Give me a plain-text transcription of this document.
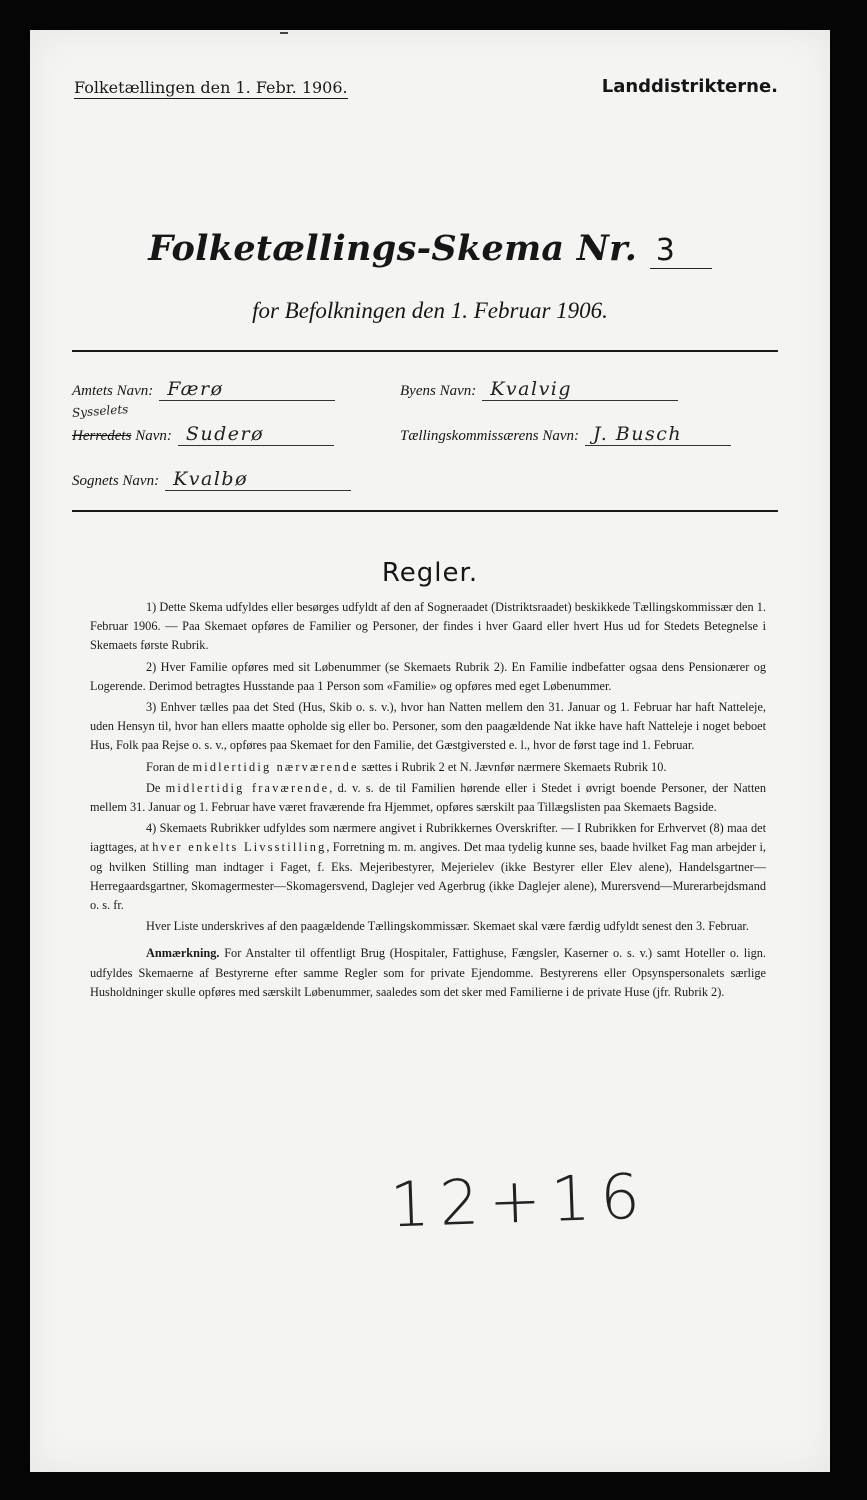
Folketællingen den 1. Febr. 1906.	Landdistrikterne.
Folketællings-Skema Nr. 3
for Befolkningen den 1. Februar 1906.
Amtets Navn: Færø	Byens Navn: Kvalvig
Sysselets
Herredets Navn: Suderø	Tællingskommissærens Navn: J. Busch
Sognets Navn: Kvalbø
Regler.

1) Dette Skema udfyldes eller besørges udfyldt af den af Sogneraadet (Distriktsraadet) beskikkede Tællingskommissær den 1. Februar 1906. — Paa Skemaet opføres de Familier og Personer, der findes i hver Gaard eller hvert Hus ud for Stedets Betegnelse i Skemaets første Rubrik.

2) Hver Familie opføres med sit Løbenummer (se Skemaets Rubrik 2). En Familie indbefatter ogsaa dens Pensionærer og Logerende. Derimod betragtes Husstande paa 1 Person som «Familie» og opføres med eget Løbenummer.

3) Enhver tælles paa det Sted (Hus, Skib o. s. v.), hvor han Natten mellem den 31. Januar og 1. Februar har haft Natteleje, uden Hensyn til, hvor han ellers maatte opholde sig eller bo. Personer, som den paagældende Nat ikke have haft Natteleje i noget beboet Hus, Folk paa Rejse o. s. v., opføres paa Skemaet for den Familie, det Gæstgiversted e. l., hvor de først tage ind 1. Februar.

Foran de midlertidig nærværende sættes i Rubrik 2 et N. Jævnfør nærmere Skemaets Rubrik 10.

De midlertidig fraværende, d. v. s. de til Familien hørende eller i Stedet i øvrigt boende Personer, der Natten mellem 31. Januar og 1. Februar have været fraværende fra Hjemmet, opføres særskilt paa Tillægslisten paa Skemaets Bagside.

4) Skemaets Rubrikker udfyldes som nærmere angivet i Rubrikkernes Overskrifter. — I Rubrikken for Erhvervet (8) maa det iagttages, at hver enkelts Livsstilling, Forretning m. m. angives. Det maa tydelig kunne ses, baade hvilket Fag man arbejder i, og hvilken Stilling man indtager i Faget, f. Eks. Mejeribestyrer, Mejerielev (ikke Bestyrer eller Elev alene), Handelsgartner—Herregaardsgartner, Skomagermester—Skomagersvend, Daglejer ved Agerbrug (ikke Daglejer alene), Murersvend—Murerarbejdsmand o. s. fr.

Hver Liste underskrives af den paagældende Tællingskommissær. Skemaet skal være færdig udfyldt senest den 3. Februar.

Anmærkning. For Anstalter til offentligt Brug (Hospitaler, Fattighuse, Fængsler, Kaserner o. s. v.) samt Hoteller o. lign. udfyldes Skemaerne af Bestyrerne efter samme Regler som for private Ejendomme. Bestyrerens eller Opsynspersonalets særlige Husholdninger skulle opføres med særskilt Løbenummer, saaledes som det sker med Familierne i de private Huse (jfr. Rubrik 2).

12+16
